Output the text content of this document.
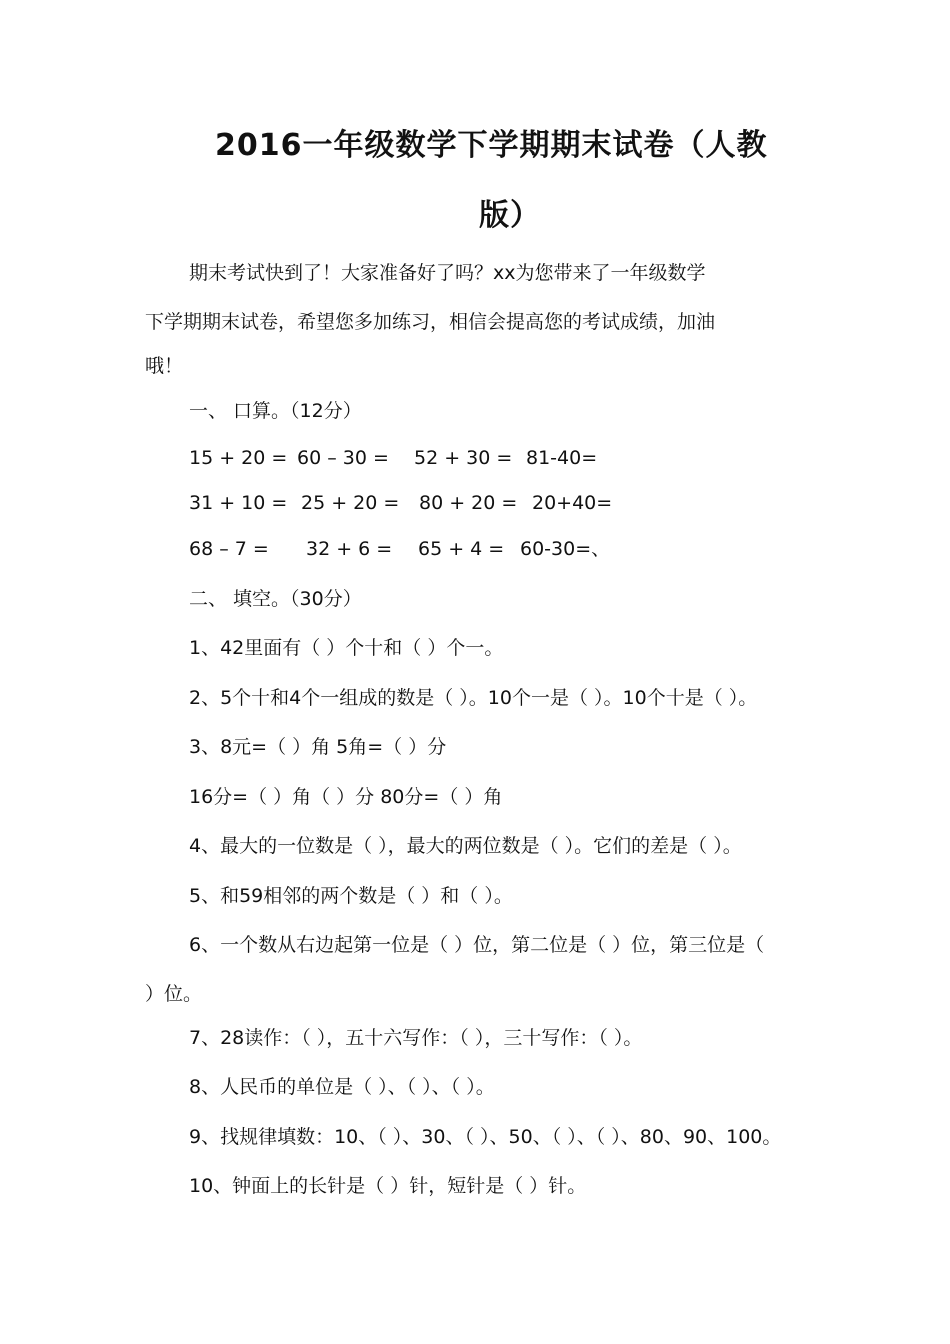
2016一年级数学下学期期末试卷（人教
版）
期末考试快到了！大家准备好了吗？xx为您带来了一年级数学
下学期期末试卷，希望您多加练习，相信会提高您的考试成绩，加油
哦！
一、 口算。（12分）
15 + 20 = 60 – 30 = 52 + 30 = 81-40=
31 + 10 = 25 + 20 = 80 + 20 = 20+40=
68 – 7 = 32 + 6 = 65 + 4 = 60-30=、
二、 填空。（30分）
1、42里面有（ ）个十和（ ）个一。
2、5个十和4个一组成的数是（ ）。10个一是（ ）。10个十是（ ）。
3、8元=（ ）角 5角=（ ）分
16分=（ ）角（ ）分 80分=（ ）角
4、最大的一位数是（ ），最大的两位数是（ ）。它们的差是（ ）。
5、和59相邻的两个数是（ ）和（ ）。
6、一个数从右边起第一位是（ ）位，第二位是（ ）位，第三位是（
）位。
7、28读作：（ ），五十六写作：（ ），三十写作：（ ）。
8、人民币的单位是（ ）、（ ）、（ ）。
9、找规律填数：10、（ ）、30、（ ）、50、（ ）、（ ）、80、90、100。
10、钟面上的长针是（ ）针，短针是（ ）针。
